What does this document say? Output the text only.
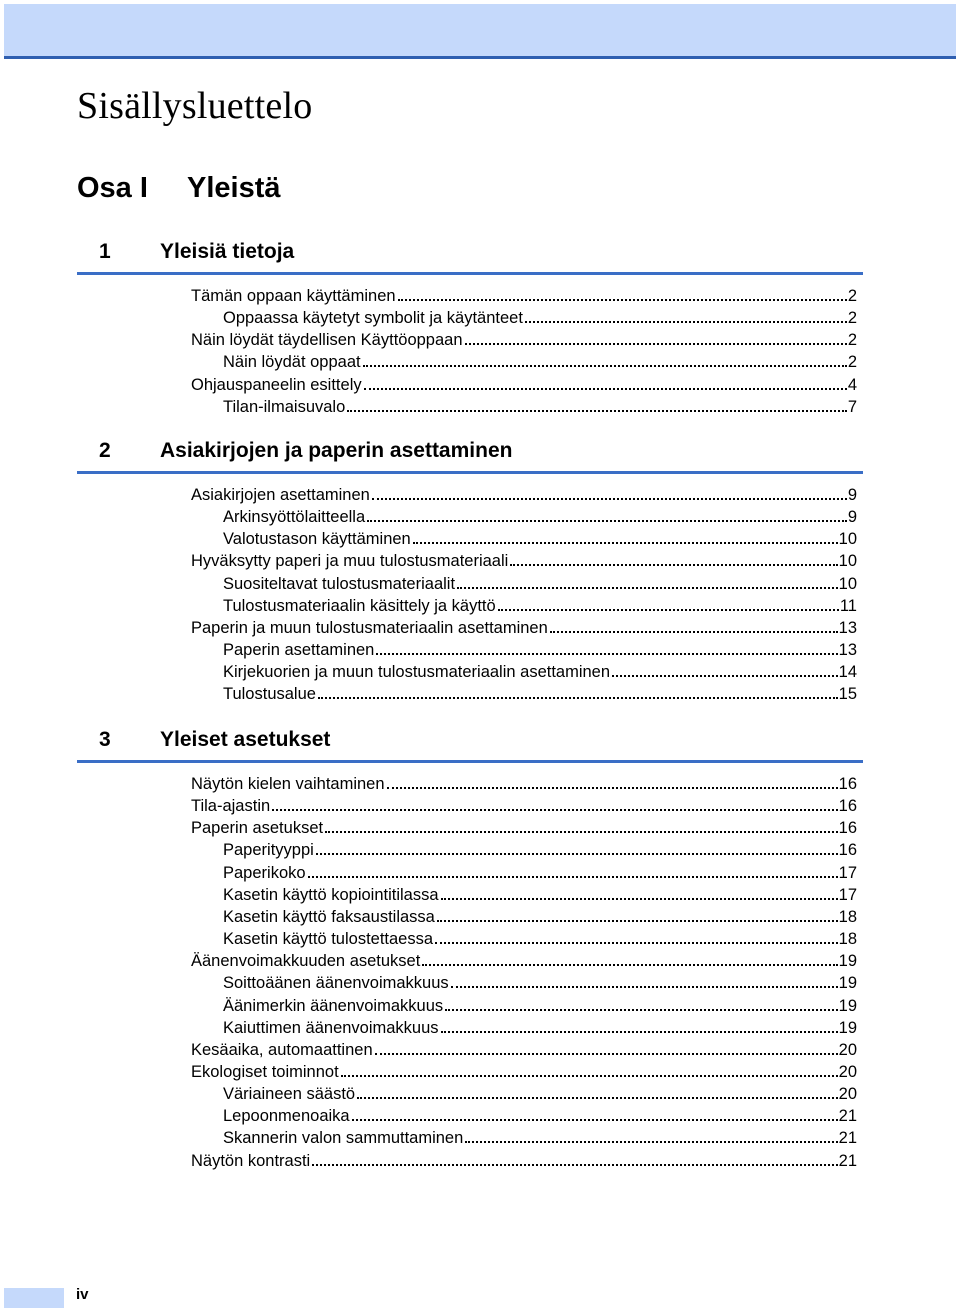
Sisällysluettelo
Osa I Yleistä
1 Yleisiä tietoja
Tämän oppaan käyttäminen	2
Oppaassa käytetyt symbolit ja käytänteet	2
Näin löydät täydellisen Käyttöoppaan	2
Näin löydät oppaat	2
Ohjauspaneelin esittely	4
Tilan-ilmaisuvalo	7
2 Asiakirjojen ja paperin asettaminen
Asiakirjojen asettaminen	9
Arkinsyöttölaitteella	9
Valotustason käyttäminen	10
Hyväksytty paperi ja muu tulostusmateriaali	10
Suositeltavat tulostusmateriaalit	10
Tulostusmateriaalin käsittely ja käyttö	11
Paperin ja muun tulostusmateriaalin asettaminen	13
Paperin asettaminen	13
Kirjekuorien ja muun tulostusmateriaalin asettaminen	14
Tulostusalue	15
3 Yleiset asetukset
Näytön kielen vaihtaminen	16
Tila-ajastin	16
Paperin asetukset	16
Paperityyppi	16
Paperikoko	17
Kasetin käyttö kopiointitilassa	17
Kasetin käyttö faksaustilassa	18
Kasetin käyttö tulostettaessa	18
Äänenvoimakkuuden asetukset	19
Soittoäänen äänenvoimakkuus	19
Äänimerkin äänenvoimakkuus	19
Kaiuttimen äänenvoimakkuus	19
Kesäaika, automaattinen	20
Ekologiset toiminnot	20
Väriaineen säästö	20
Lepoonmenoaika	21
Skannerin valon sammuttaminen	21
Näytön kontrasti	21
iv
